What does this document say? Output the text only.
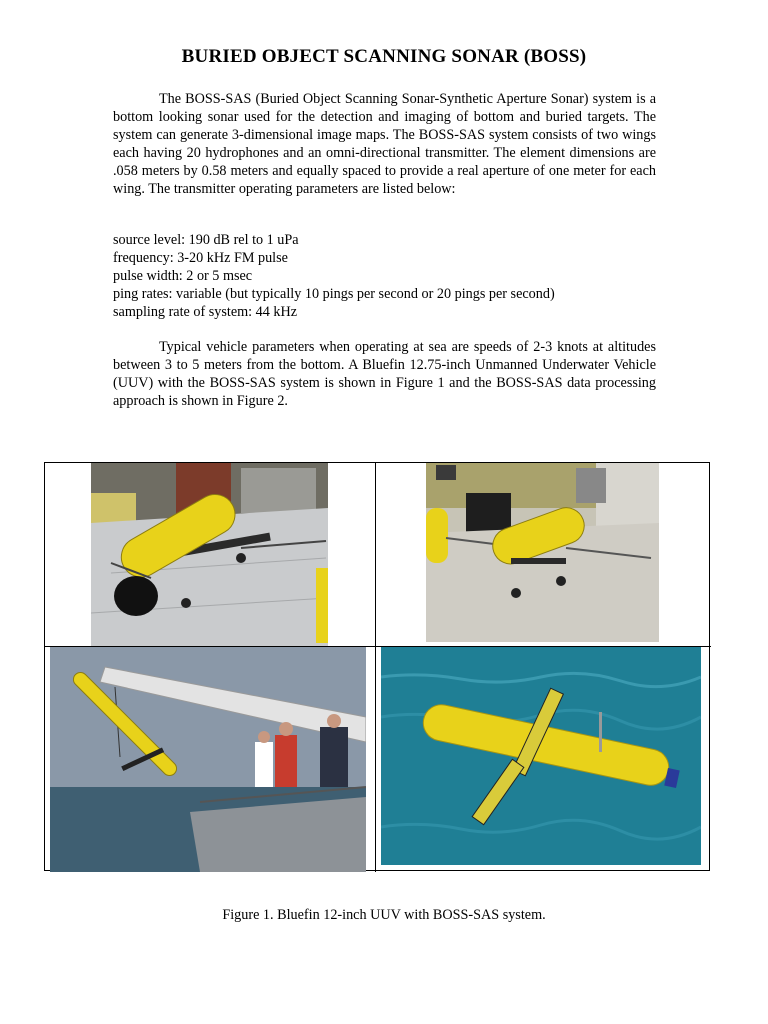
BURIED OBJECT SCANNING SONAR (BOSS)
The BOSS-SAS (Buried Object Scanning Sonar-Synthetic Aperture Sonar) system is a bottom looking sonar used for the detection and imaging of bottom and buried targets. The system can generate 3-dimensional image maps. The BOSS-SAS system consists of two wings each having 20 hydrophones and an omni-directional transmitter. The element dimensions are .058 meters by 0.58 meters and equally spaced to provide a real aperture of one meter for each wing. The transmitter operating parameters are listed below:
source level: 190 dB rel to 1 uPa
frequency: 3-20 kHz FM pulse
pulse width: 2 or 5 msec
ping rates: variable (but typically 10 pings per second or 20 pings per second)
sampling rate of system: 44 kHz
Typical vehicle parameters when operating at sea are speeds of 2-3 knots at altitudes between 3 to 5 meters from the bottom. A Bluefin 12.75-inch Unmanned Underwater Vehicle (UUV) with the BOSS-SAS system is shown in Figure 1 and the BOSS-SAS data processing approach is shown in Figure 2.
Figure 1. Bluefin 12-inch UUV with BOSS-SAS system.
